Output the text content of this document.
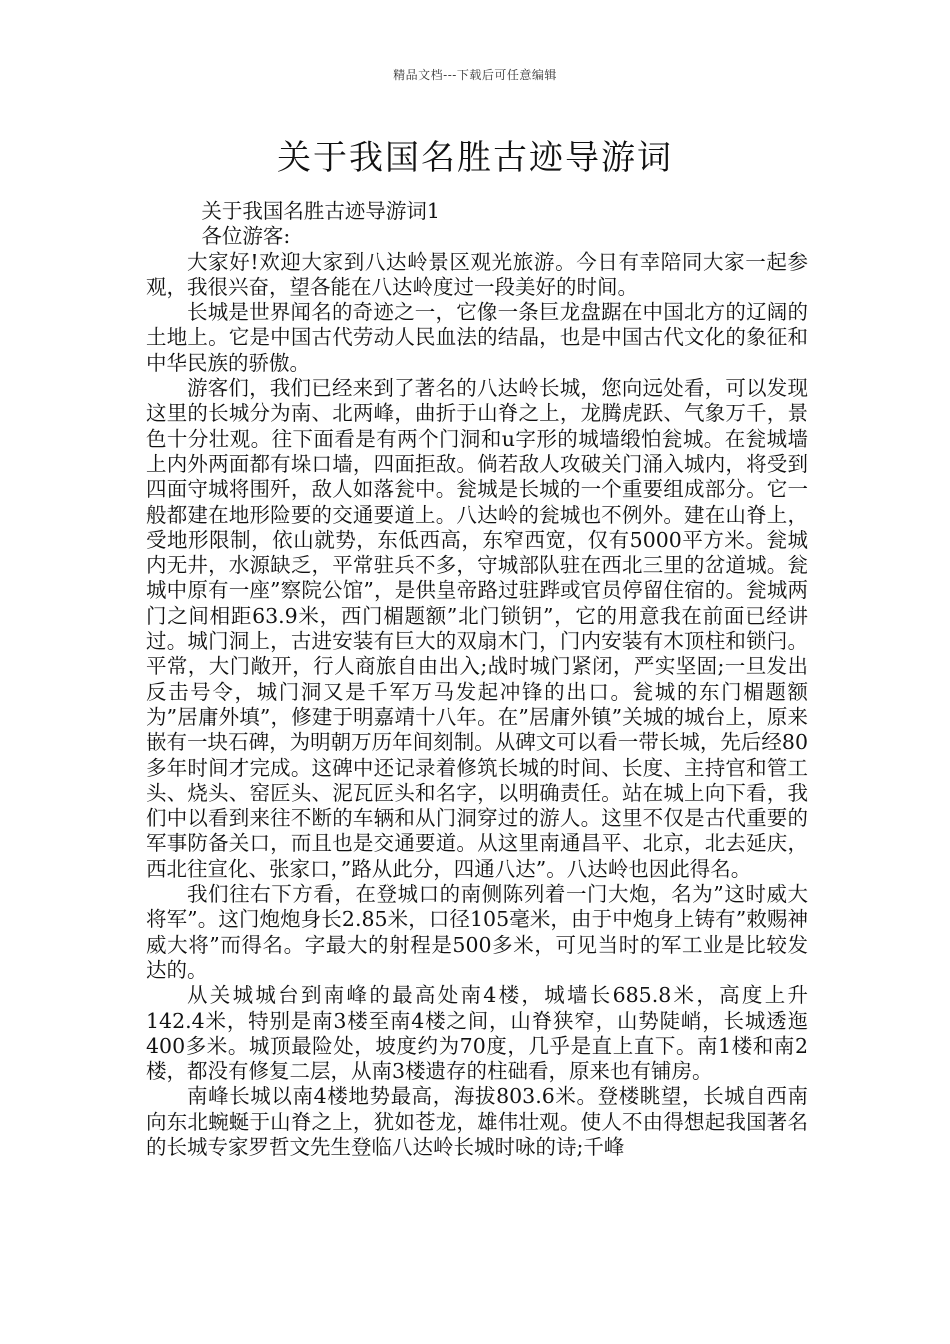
精品文档---下载后可任意编辑
关于我国名胜古迹导游词

关于我国名胜古迹导游词1

各位游客:

大家好!欢迎大家到八达岭景区观光旅游。今日有幸陪同大家一起参观，我很兴奋，望各能在八达岭度过一段美好的时间。

长城是世界闻名的奇迹之一，它像一条巨龙盘踞在中国北方的辽阔的土地上。它是中国古代劳动人民血法的结晶，也是中国古代文化的象征和中华民族的骄傲。

游客们，我们已经来到了著名的八达岭长城，您向远处看，可以发现这里的长城分为南、北两峰，曲折于山脊之上，龙腾虎跃、气象万千，景色十分壮观。往下面看是有两个门洞和u字形的城墙缎怕瓮城。在瓮城墙上内外两面都有垛口墙，四面拒敌。倘若敌人攻破关门涌入城内，将受到四面守城将围歼，敌人如落瓮中。瓮城是长城的一个重要组成部分。它一般都建在地形险要的交通要道上。八达岭的瓮城也不例外。建在山脊上，受地形限制，依山就势，东低西高，东窄西宽，仅有5000平方米。瓮城内无井，水源缺乏，平常驻兵不多，守城部队驻在西北三里的岔道城。瓮城中原有一座”察院公馆”，是供皇帝路过驻跸或官员停留住宿的。瓮城两门之间相距63.9米，西门楣题额”北门锁钥”，它的用意我在前面已经讲过。城门洞上，古进安装有巨大的双扇木门，门内安装有木顶柱和锁闩。平常，大门敞开，行人商旅自由出入;战时城门紧闭，严实坚固;一旦发出反击号令，城门洞又是千军万马发起冲锋的出口。瓮城的东门楣题额为”居庸外填”，修建于明嘉靖十八年。在”居庸外镇”关城的城台上，原来嵌有一块石碑，为明朝万历年间刻制。从碑文可以看一带长城，先后经80多年时间才完成。这碑中还记录着修筑长城的时间、长度、主持官和管工头、烧头、窑匠头、泥瓦匠头和名字，以明确责任。站在城上向下看，我们中以看到来往不断的车辆和从门洞穿过的游人。这里不仅是古代重要的军事防备关口，而且也是交通要道。从这里南通昌平、北京，北去延庆，西北往宣化、张家口，”路从此分，四通八达”。八达岭也因此得名。

我们往右下方看，在登城口的南侧陈列着一门大炮，名为”这时威大将军”。这门炮炮身长2.85米，口径105毫米，由于中炮身上铸有”敕赐神威大将”而得名。字最大的射程是500多米，可见当时的军工业是比较发达的。

从关城城台到南峰的最高处南4楼，城墙长685.8米，高度上升142.4米，特别是南3楼至南4楼之间，山脊狭窄，山势陡峭，长城透迤400多米。城顶最险处，坡度约为70度，几乎是直上直下。南1楼和南2楼，都没有修复二层，从南3楼遗存的柱础看，原来也有铺房。

南峰长城以南4楼地势最高，海拔803.6米。登楼眺望，长城自西南向东北蜿蜒于山脊之上，犹如苍龙，雄伟壮观。使人不由得想起我国著名的长城专家罗哲文先生登临八达岭长城时咏的诗;千峰
